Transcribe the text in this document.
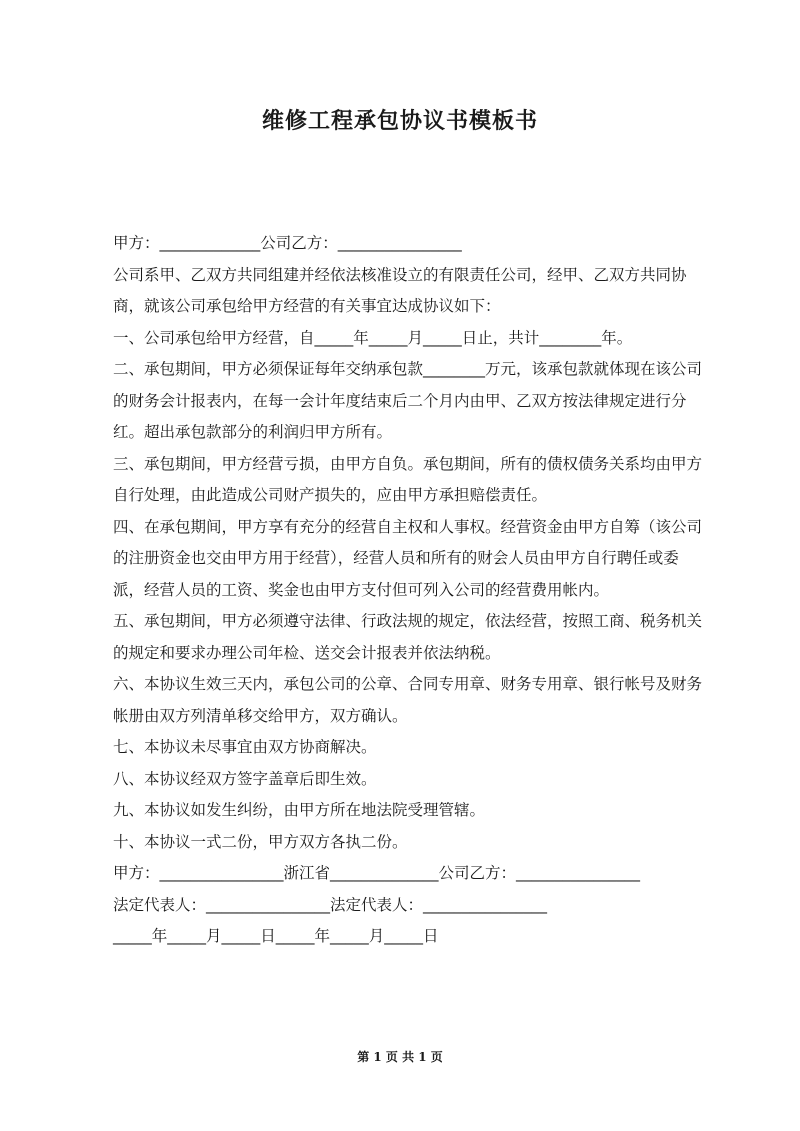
维修工程承包协议书模板书

甲方：_____________公司乙方：________________

公司系甲、乙双方共同组建并经依法核准设立的有限责任公司，经甲、乙双方共同协商，就该公司承包给甲方经营的有关事宜达成协议如下：

一、公司承包给甲方经营，自_____年_____月_____日止，共计________年。

二、承包期间，甲方必须保证每年交纳承包款________万元，该承包款就体现在该公司的财务会计报表内，在每一会计年度结束后二个月内由甲、乙双方按法律规定进行分红。超出承包款部分的利润归甲方所有。

三、承包期间，甲方经营亏损，由甲方自负。承包期间，所有的债权债务关系均由甲方自行处理，由此造成公司财产损失的，应由甲方承担赔偿责任。

四、在承包期间，甲方享有充分的经营自主权和人事权。经营资金由甲方自筹（该公司的注册资金也交由甲方用于经营），经营人员和所有的财会人员由甲方自行聘任或委派，经营人员的工资、奖金也由甲方支付但可列入公司的经营费用帐内。

五、承包期间，甲方必须遵守法律、行政法规的规定，依法经营，按照工商、税务机关的规定和要求办理公司年检、送交会计报表并依法纳税。

六、本协议生效三天内，承包公司的公章、合同专用章、财务专用章、银行帐号及财务帐册由双方列清单移交给甲方，双方确认。

七、本协议未尽事宜由双方协商解决。

八、本协议经双方签字盖章后即生效。

九、本协议如发生纠纷，由甲方所在地法院受理管辖。

十、本协议一式二份，甲方双方各执二份。

甲方：________________浙江省______________公司乙方：________________

法定代表人：________________法定代表人：________________

_____年_____月_____日_____年_____月_____日

第 1 页 共 1 页
